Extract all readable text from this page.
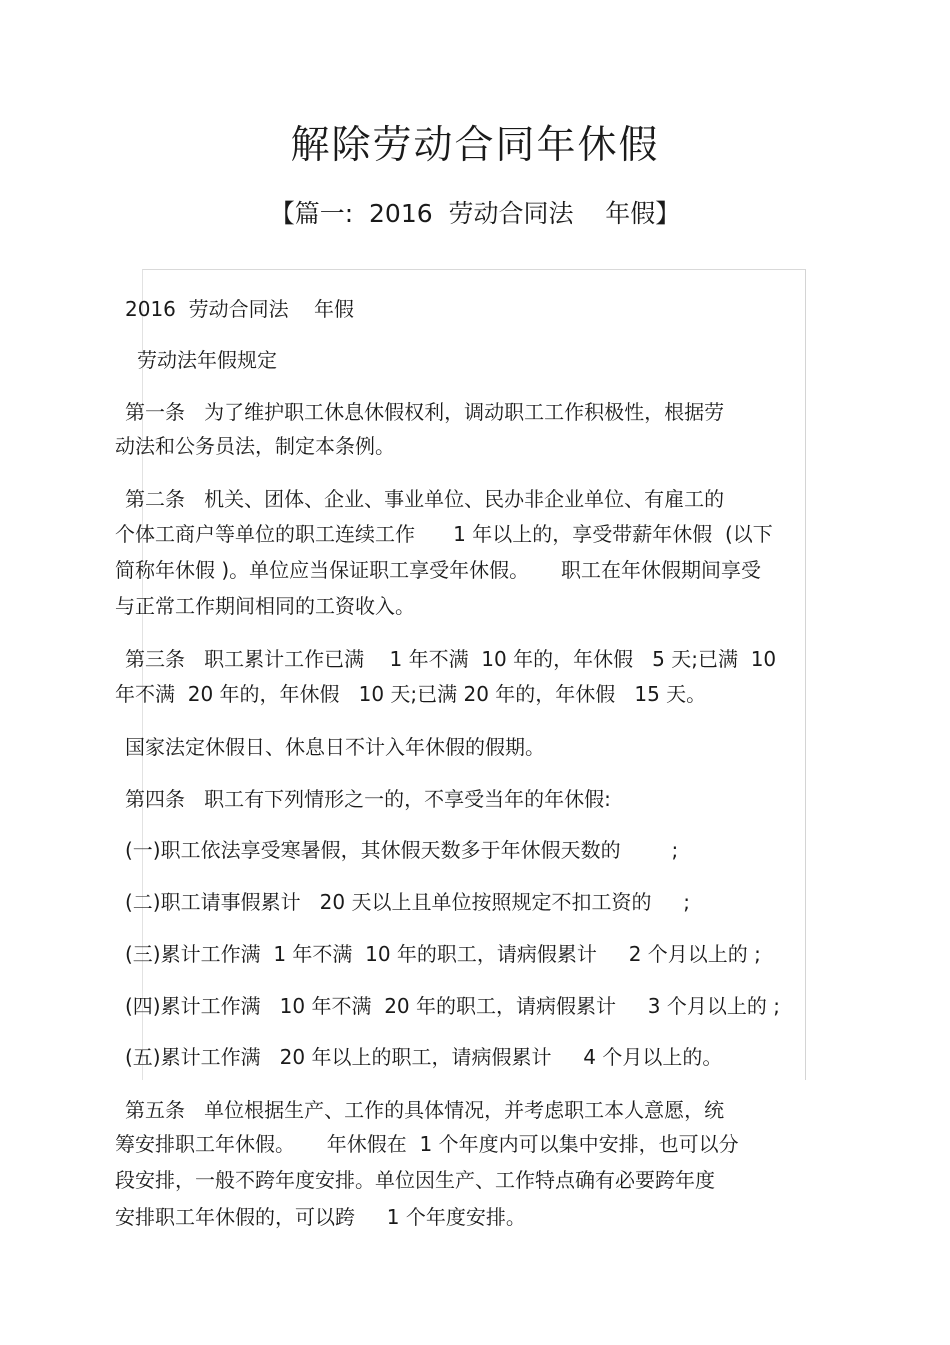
解除劳动合同年休假
【篇一:  2016  劳动合同法    年假】
2016  劳动合同法    年假
劳动法年假规定
第一条   为了维护职工休息休假权利，调动职工工作积极性，根据劳
动法和公务员法，制定本条例。
第二条   机关、团体、企业、事业单位、民办非企业单位、有雇工的
个体工商户等单位的职工连续工作      1 年以上的，享受带薪年休假  (以下
简称年休假 )。单位应当保证职工享受年休假。     职工在年休假期间享受
与正常工作期间相同的工资收入。
第三条   职工累计工作已满    1 年不满  10 年的，年休假   5 天;已满  10
年不满  20 年的，年休假   10 天;已满 20 年的，年休假   15 天。
国家法定休假日、休息日不计入年休假的假期。
第四条   职工有下列情形之一的，不享受当年的年休假:
(一)职工依法享受寒暑假，其休假天数多于年休假天数的        ;
(二)职工请事假累计   20 天以上且单位按照规定不扣工资的     ;
(三)累计工作满  1 年不满  10 年的职工，请病假累计     2 个月以上的 ;
(四)累计工作满   10 年不满  20 年的职工，请病假累计     3 个月以上的 ;
(五)累计工作满   20 年以上的职工，请病假累计     4 个月以上的。
第五条   单位根据生产、工作的具体情况，并考虑职工本人意愿，统
筹安排职工年休假。     年休假在  1 个年度内可以集中安排，也可以分
段安排，一般不跨年度安排。单位因生产、工作特点确有必要跨年度
安排职工年休假的，可以跨     1 个年度安排。
